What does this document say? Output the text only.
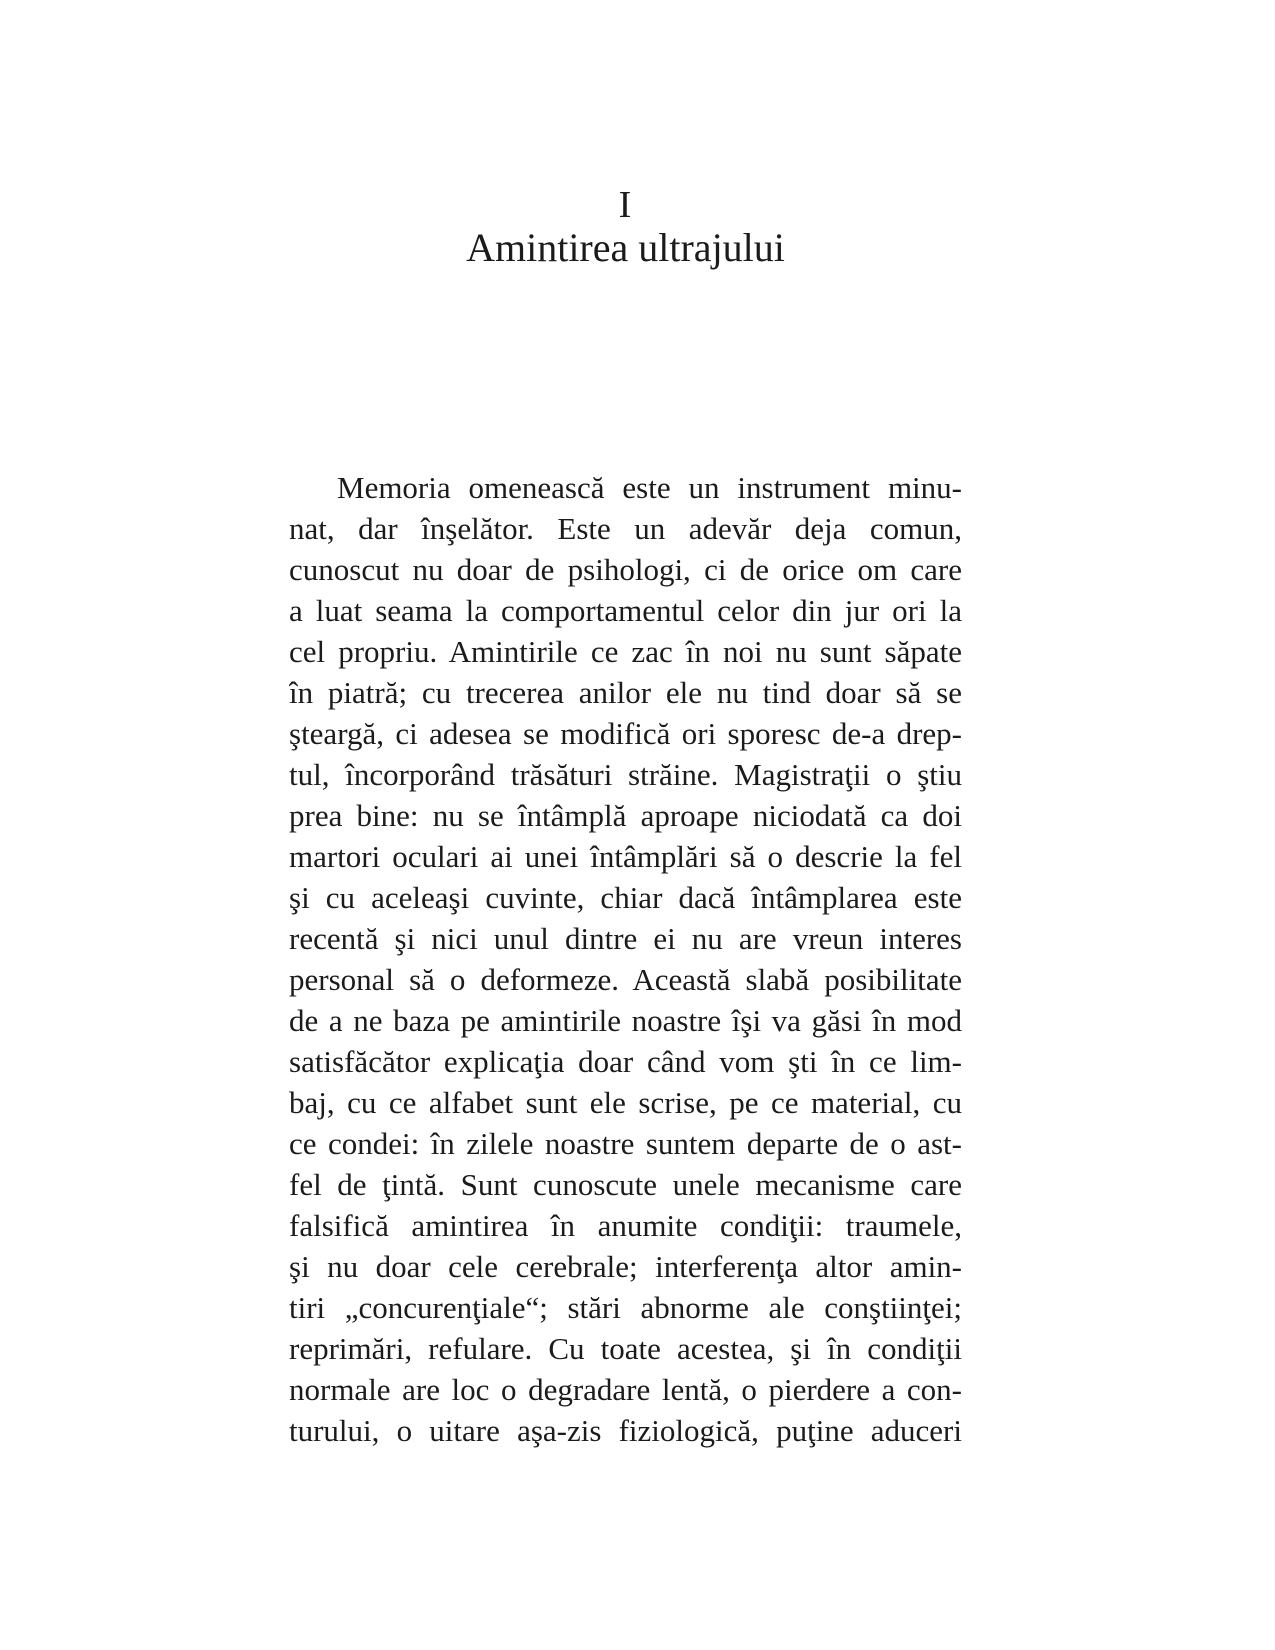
I
Amintirea ultrajului
Memoria omenească este un instrument minu-
nat, dar înşelător. Este un adevăr deja comun,
cunoscut nu doar de psihologi, ci de orice om care
a luat seama la comportamentul celor din jur ori la
cel propriu. Amintirile ce zac în noi nu sunt săpate
în piatră; cu trecerea anilor ele nu tind doar să se
şteargă, ci adesea se modifică ori sporesc de-a drep-
tul, încorporând trăsături străine. Magistraţii o ştiu
prea bine: nu se întâmplă aproape niciodată ca doi
martori oculari ai unei întâmplări să o descrie la fel
şi cu aceleaşi cuvinte, chiar dacă întâmplarea este
recentă şi nici unul dintre ei nu are vreun interes
personal să o deformeze. Această slabă posibilitate
de a ne baza pe amintirile noastre îşi va găsi în mod
satisfăcător explicaţia doar când vom şti în ce lim-
baj, cu ce alfabet sunt ele scrise, pe ce material, cu
ce condei: în zilele noastre suntem departe de o ast-
fel de ţintă. Sunt cunoscute unele mecanisme care
falsifică amintirea în anumite condiţii: traumele,
şi nu doar cele cerebrale; interferenţa altor amin-
tiri „concurenţiale“; stări abnorme ale conştiinţei;
reprimări, refulare. Cu toate acestea, şi în condiţii
normale are loc o degradare lentă, o pierdere a con-
turului, o uitare aşa-zis fiziologică, puţine aduceri
